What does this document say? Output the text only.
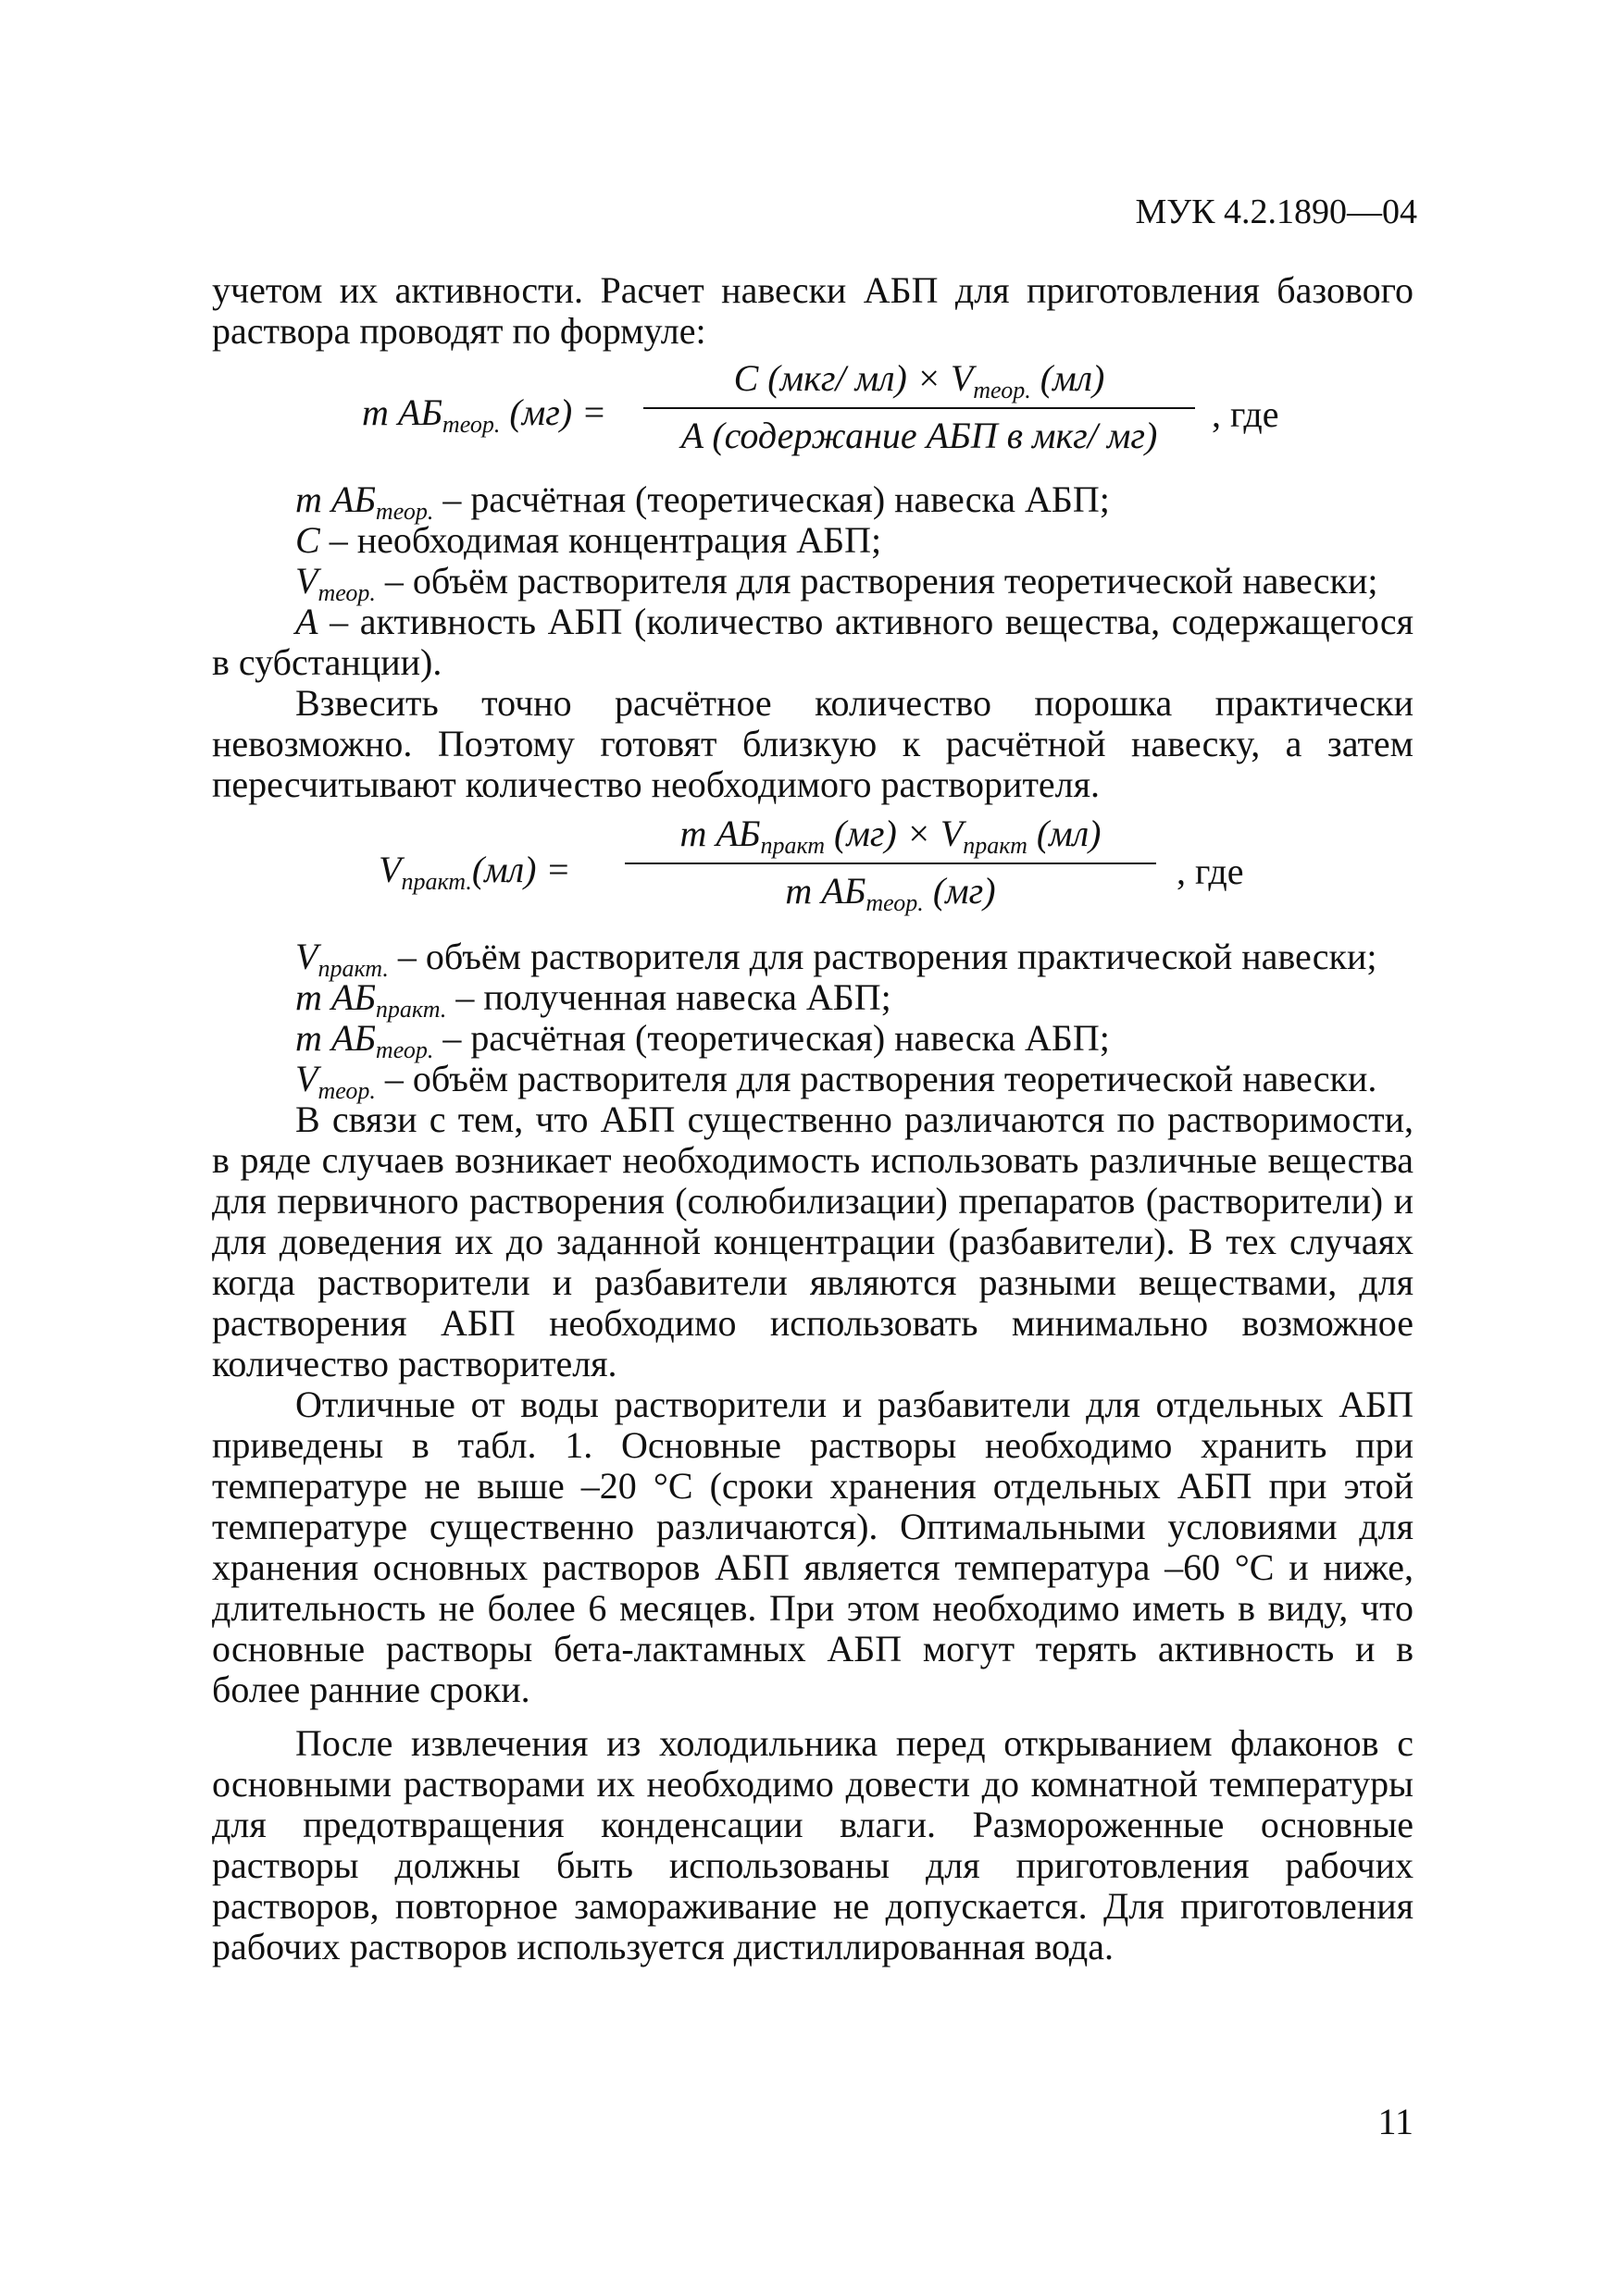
МУК 4.2.1890—04

учетом их активности. Расчет навески АБП для приготовления базового раствора проводят по формуле:

m $АБ_{теор.}$ (мг) =
C (мкг/ $мл) \times V_{теор.}$ (мл)
A (содержание АБП в мкг/ мг)
, где
m $АБ_{теор.}$ – расчётная (теоретическая) навеска АБП;
C – необходимая концентрация АБП;
$V_{теор.}$ – объём растворителя для растворения теоретической навески;

A – активность АБП (количество активного вещества, содержащегося в субстанции).

Взвесить точно расчётное количество порошка практически невозможно. Поэтому готовят близкую к расчётной навеску, а затем пересчитывают количество необходимого растворителя.

$V_{практ.}(мл)$ =
m $АБ_{практ}$ $(мг) \times V_{практ}$ (мл)
m $АБ_{теор.}$ (мг)	, где
$V_{практ.}$ – объём растворителя для растворения практической навески;
m $АБ_{практ.}$ – полученная навеска АБП;
m $АБ_{теор.}$ – расчётная (теоретическая) навеска АБП;
$V_{теор.}$ – объём растворителя для растворения теоретической навески.

В связи с тем, что АБП существенно различаются по растворимости, в ряде случаев возникает необходимость использовать различные вещества для первичного растворения (солюбилизации) препаратов (растворители) и для доведения их до заданной концентрации (разбавители). В тех случаях когда растворители и разбавители являются разными веществами, для растворения АБП необходимо использовать минимально возможное количество растворителя.

Отличные от воды растворители и разбавители для отдельных АБП приведены в табл. 1. Основные растворы необходимо хранить при температуре не выше –20 °С (сроки хранения отдельных АБП при этой температуре существенно различаются). Оптимальными условиями для хранения основных растворов АБП является температура –60 °С и ниже, длительность не более 6 месяцев. При этом необходимо иметь в виду, что основные растворы бета-лактамных АБП могут терять активность и в более ранние сроки.

После извлечения из холодильника перед открыванием флаконов с основными растворами их необходимо довести до комнатной температуры для предотвращения конденсации влаги. Размороженные основные растворы должны быть использованы для приготовления рабочих растворов, повторное замораживание не допускается. Для приготовления рабочих растворов используется дистиллированная вода.

11
